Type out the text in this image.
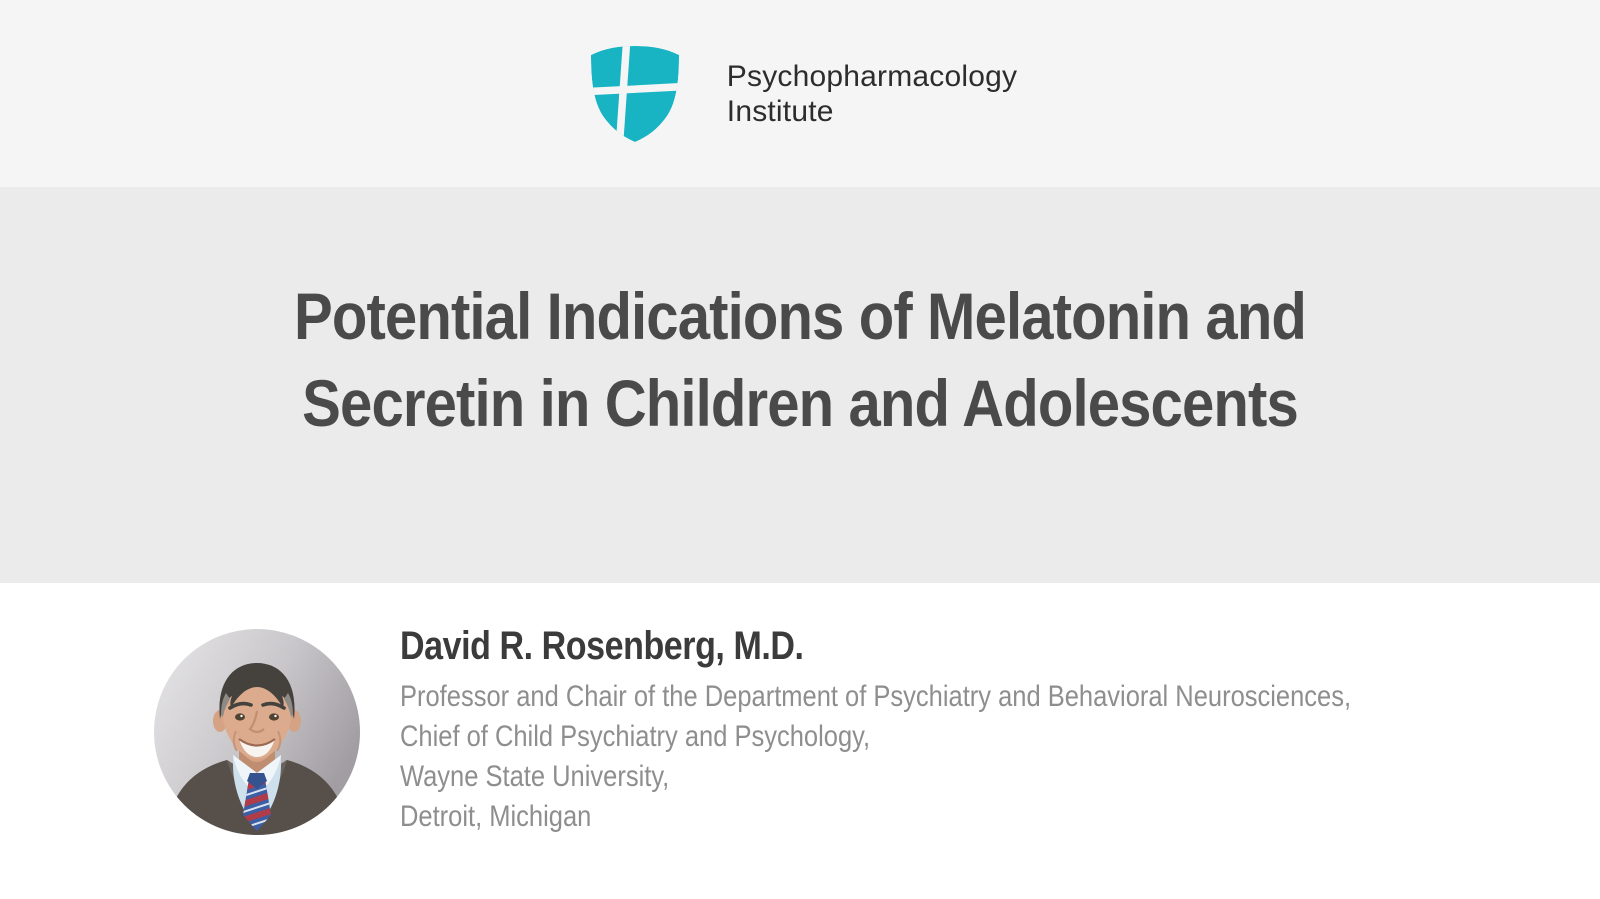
Psychopharmacology
Institute
Potential Indications of Melatonin and
Secretin in Children and Adolescents
David R. Rosenberg, M.D.

Professor and Chair of the Department of Psychiatry and Behavioral Neurosciences,

Chief of Child Psychiatry and Psychology,

Wayne State University,

Detroit, Michigan
